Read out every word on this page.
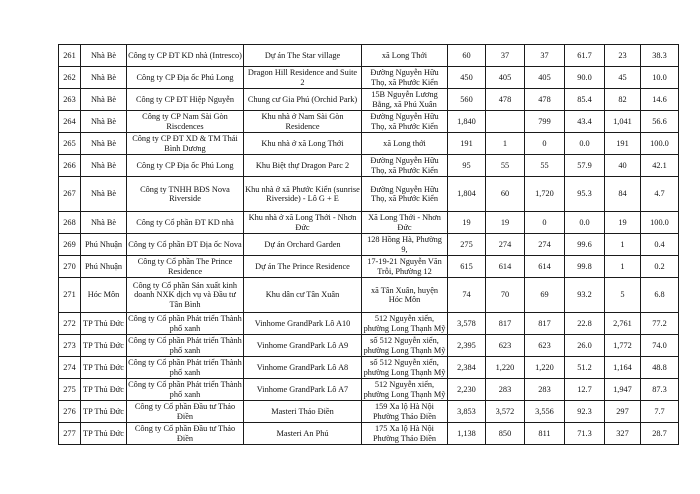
261	Nhà Bè	Công ty CP ĐT KD nhà (Intresco)	Dự án The Star village	xã Long Thới	60	37	37	61.7	23	38.3
262	Nhà Bè	Công ty CP Địa ốc Phú Long	Dragon Hill Residence and Suite 2	Đường Nguyễn Hữu Thọ, xã Phước Kiển	450	405	405	90.0	45	10.0
263	Nhà Bè	Công ty CP ĐT Hiệp Nguyễn	Chung cư Gia Phú (Orchid Park)	15B Nguyễn Lương Bằng, xã Phú Xuân	560	478	478	85.4	82	14.6
264	Nhà Bè	Công ty CP Nam Sài Gòn Riscdences	Khu nhà ở Nam Sài Gòn Residence	Đường Nguyễn Hữu Thọ, xã Phước Kiển	1,840		799	43.4	1,041	56.6
265	Nhà Bè	Công ty CP ĐT XD & TM Thái Bình Dương	Khu nhà ở xã Long Thới	xã Long thới	191	1	0	0.0	191	100.0
266	Nhà Bè	Công ty CP Địa ốc Phú Long	Khu Biệt thự Dragon Parc 2	Đường Nguyễn Hữu Thọ, xã Phước Kiển	95	55	55	57.9	40	42.1
267	Nhà Bè	Công ty TNHH BĐS Nova Riverside	Khu nhà ở xã Phước Kiển (sunrise Riverside) - Lô G + E	Đường Nguyễn Hữu Thọ, xã Phước Kiển	1,804	60	1,720	95.3	84	4.7
268	Nhà Bè	Công ty Cổ phần ĐT KD nhà	Khu nhà ở xã Long Thới - Nhơn Đức	Xã Long Thới - Nhơn Đức	19	19	0	0.0	19	100.0
269	Phú Nhuận	Công ty Cổ phần ĐT Địa ốc Nova	Dự án Orchard Garden	128 Hồng Hà, Phường 9,	275	274	274	99.6	1	0.4
270	Phú Nhuận	Công ty Cổ phần The Prince Residence	Dự án The Prince Residence	17-19-21 Nguyễn Văn Trỗi, Phường 12	615	614	614	99.8	1	0.2
271	Hóc Môn	Công ty Cổ phần Sản xuất kinh doanh NXK dịch vụ và Đầu tư Tân Bình	Khu dân cư Tân Xuân	xã Tân Xuân, huyện Hóc Môn	74	70	69	93.2	5	6.8
272	TP Thủ Đức	Công ty Cổ phần Phát triển Thành phố xanh	Vinhome GrandPark Lô A10	512 Nguyễn xiển, phường Long Thạnh Mỹ	3,578	817	817	22.8	2,761	77.2
273	TP Thủ Đức	Công ty Cổ phần Phát triển Thành phố xanh	Vinhome GrandPark Lô A9	số 512 Nguyễn xiển, phường Long Thạnh Mỹ	2,395	623	623	26.0	1,772	74.0
274	TP Thủ Đức	Công ty Cổ phần Phát triển Thành phố xanh	Vinhome GrandPark Lô A8	số 512 Nguyễn xiển, phường Long Thạnh Mỹ	2,384	1,220	1,220	51.2	1,164	48.8
275	TP Thủ Đức	Công ty Cổ phần Phát triển Thành phố xanh	Vinhome GrandPark Lô A7	512 Nguyễn xiển, phường Long Thạnh Mỹ	2,230	283	283	12.7	1,947	87.3
276	TP Thủ Đức	Công ty Cổ phần Đầu tư Thảo Điền	Masteri Thảo Điền	159 Xa lộ Hà Nội Phường Thảo Điền	3,853	3,572	3,556	92.3	297	7.7
277	TP Thủ Đức	Công ty Cổ phần Đầu tư Thảo Điền	Masteri An Phú	175 Xa lộ Hà Nội Phường Thảo Điền	1,138	850	811	71.3	327	28.7
